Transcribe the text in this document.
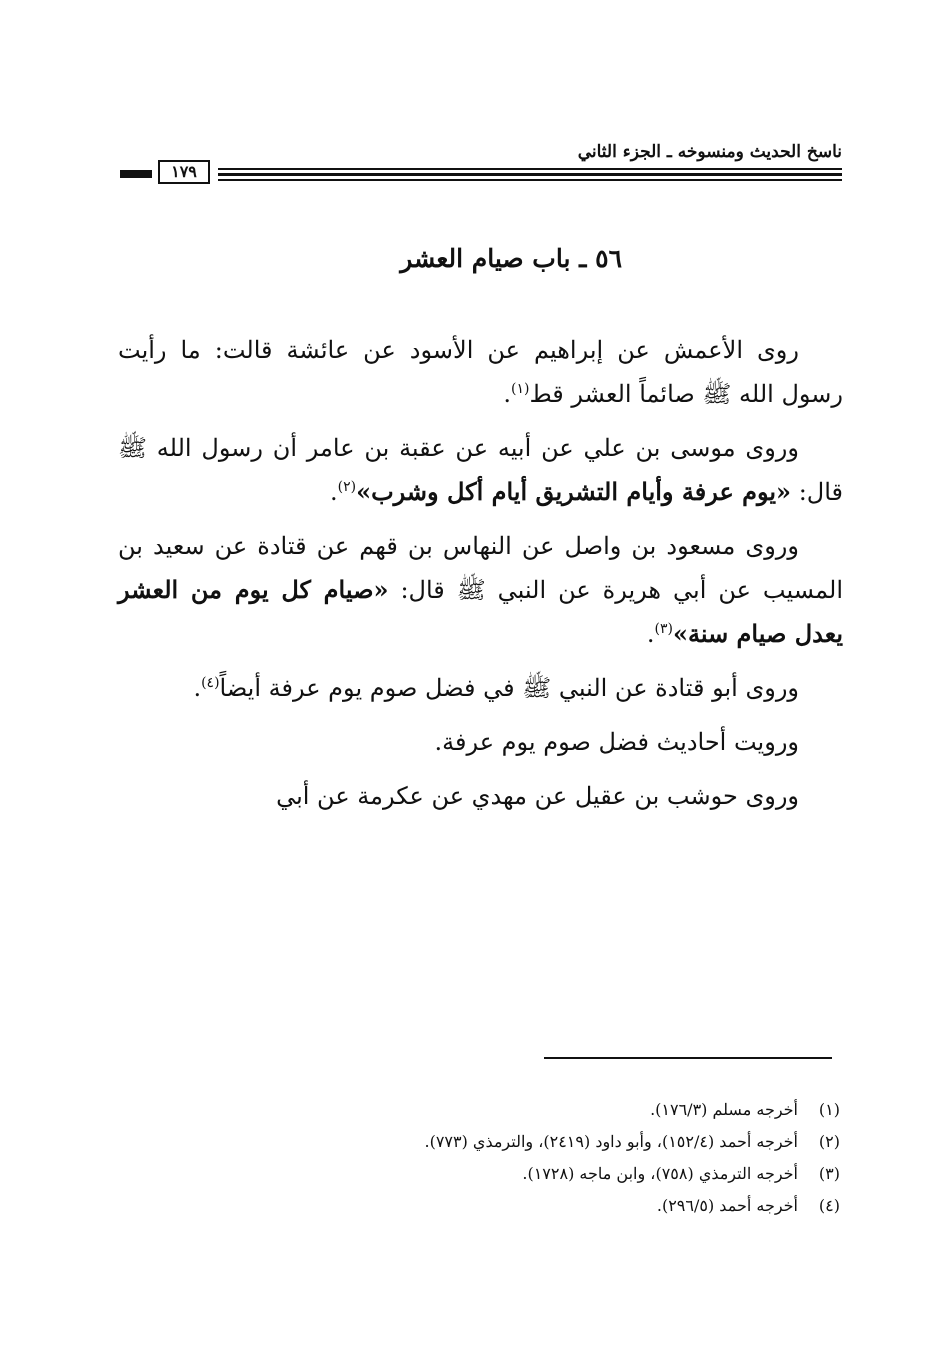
ناسخ الحديث ومنسوخه ـ الجزء الثاني
١٧٩
٥٦ ـ باب صيام العشر

روى الأعمش عن إبراهيم عن الأسود عن عائشة قالت: ما رأيت رسول الله ﷺ صائماً العشر قط$^{(١)}$.

وروى موسى بن علي عن أبيه عن عقبة بن عامر أن رسول الله ﷺ قال: «يوم عرفة وأيام التشريق أيام أكل وشرب»$^{(٢)}$.

وروى مسعود بن واصل عن النهاس بن قهم عن قتادة عن سعيد بن المسيب عن أبي هريرة عن النبي ﷺ قال: «صيام كل يوم من العشر يعدل صيام سنة»$^{(٣)}$.

وروى أبو قتادة عن النبي ﷺ في فضل صوم يوم عرفة أيضاً$^{(٤)}$.

ورويت أحاديث فضل صوم يوم عرفة.

وروى حوشب بن عقيل عن مهدي عن عكرمة عن أبي

(١)أخرجه مسلم (١٧٦/٣).
(٢)أخرجه أحمد (١٥٢/٤)، وأبو داود (٢٤١٩)، والترمذي (٧٧٣).
(٣)أخرجه الترمذي (٧٥٨)، وابن ماجه (١٧٢٨).
(٤)أخرجه أحمد (٢٩٦/٥).
